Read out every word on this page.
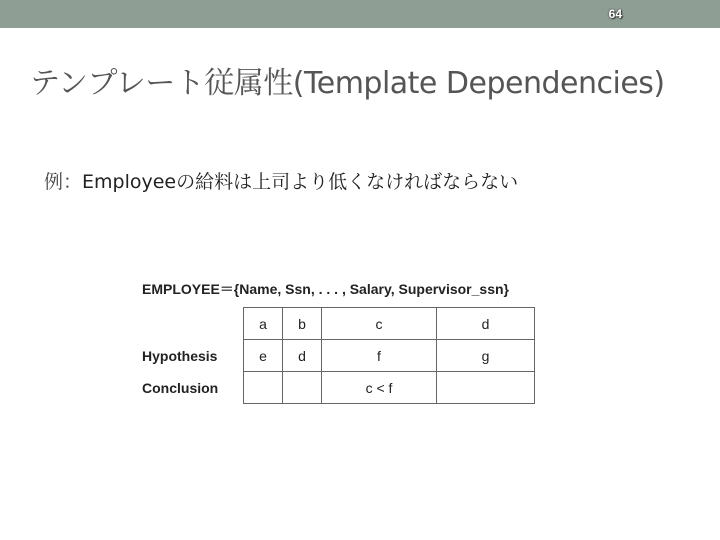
64
テンプレート従属性(Template Dependencies)
例：Employeeの給料は上司より低くなければならない
EMPLOYEE＝{Name, Ssn, . . . , Salary, Supervisor_ssn}
	a	b	c	d
Hypothesis	e	d	f	g
Conclusion			c < f	
